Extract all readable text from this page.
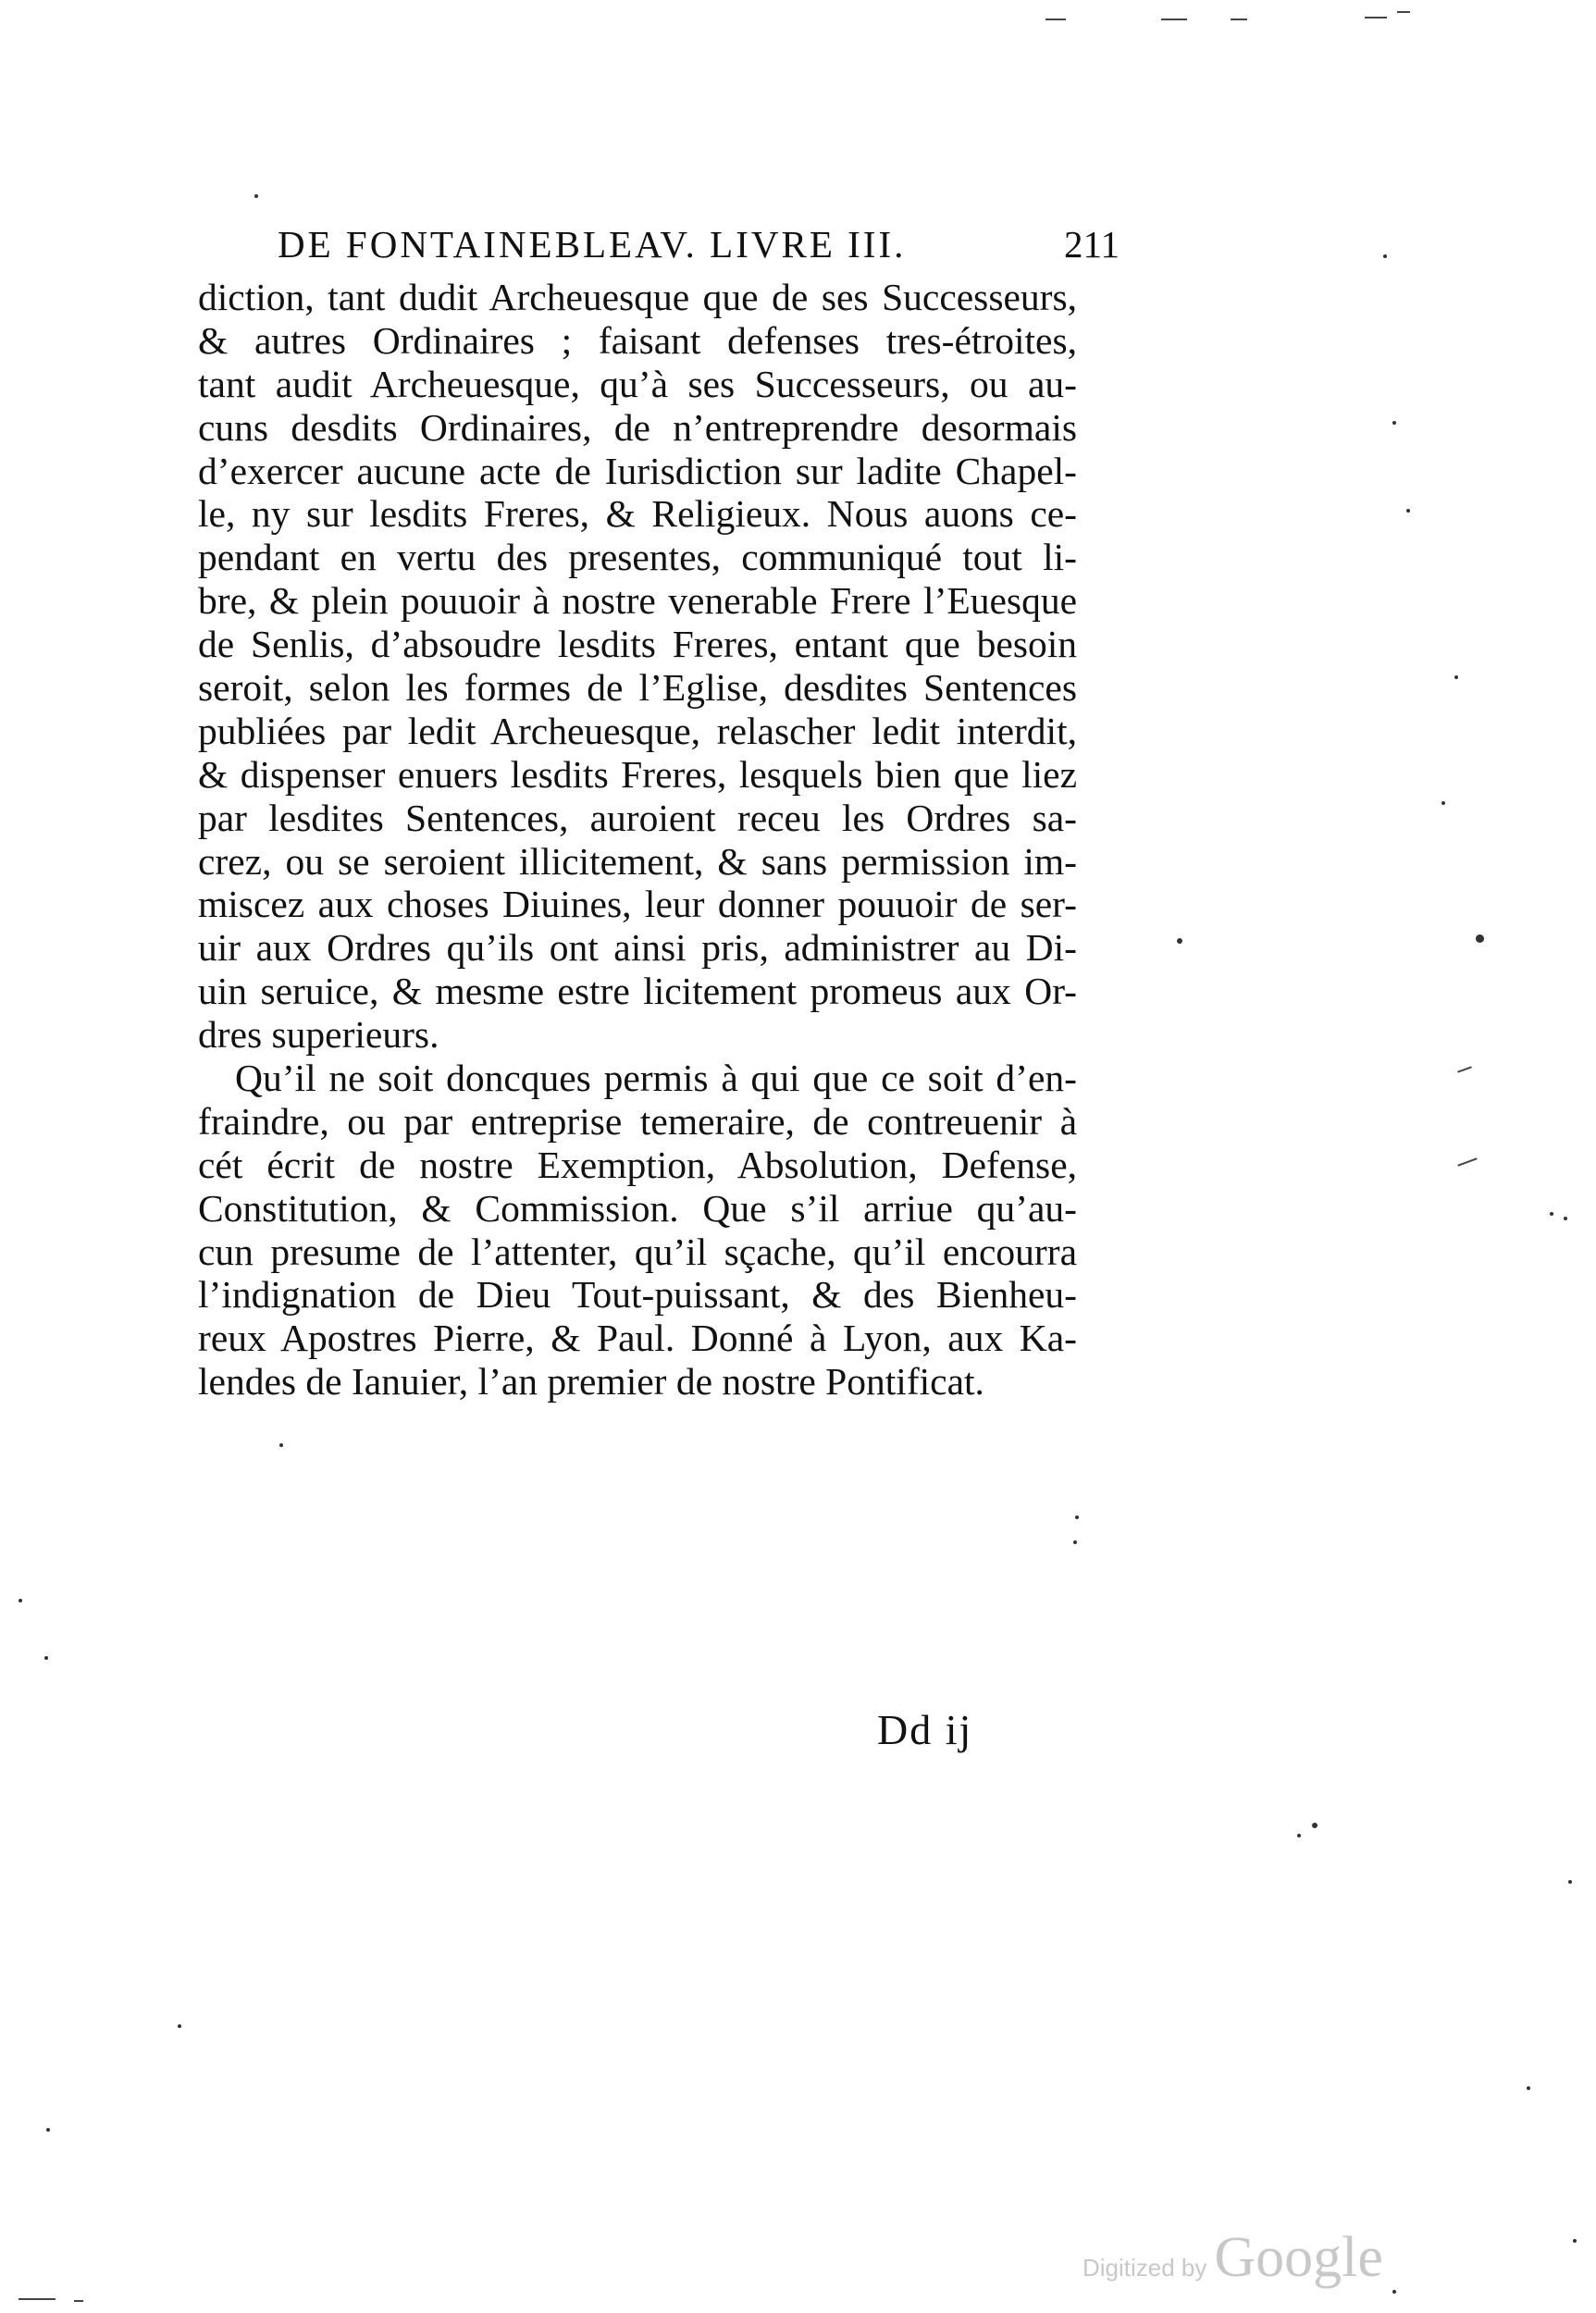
DE FONTAINEBLEAV. LIVRE III.	211
diction, tant dudit Archeuesque que de ses Successeurs,
& autres Ordinaires ; faisant defenses tres-étroites,
tant audit Archeuesque, qu’à ses Successeurs, ou au-
cuns desdits Ordinaires, de n’entreprendre desormais
d’exercer aucune acte de Iurisdiction sur ladite Chapel-
le, ny sur lesdits Freres, & Religieux. Nous auons ce-
pendant en vertu des presentes, communiqué tout li-
bre, & plein pouuoir à nostre venerable Frere l’Euesque
de Senlis, d’absoudre lesdits Freres, entant que besoin
seroit, selon les formes de l’Eglise, desdites Sentences
publiées par ledit Archeuesque, relascher ledit interdit,
& dispenser enuers lesdits Freres, lesquels bien que liez
par lesdites Sentences, auroient receu les Ordres sa-
crez, ou se seroient illicitement, & sans permission im-
miscez aux choses Diuines, leur donner pouuoir de ser-
uir aux Ordres qu’ils ont ainsi pris, administrer au Di-
uin seruice, & mesme estre licitement promeus aux Or-
dres superieurs.
Qu’il ne soit doncques permis à qui que ce soit d’en-
fraindre, ou par entreprise temeraire, de contreuenir à
cét écrit de nostre Exemption, Absolution, Defense,
Constitution, & Commission. Que s’il arriue qu’au-
cun presume de l’attenter, qu’il sçache, qu’il encourra
l’indignation de Dieu Tout-puissant, & des Bienheu-
reux Apostres Pierre, & Paul. Donné à Lyon, aux Ka-
lendes de Ianuier, l’an premier de nostre Pontificat.
Dd ij
Digitized by Google
